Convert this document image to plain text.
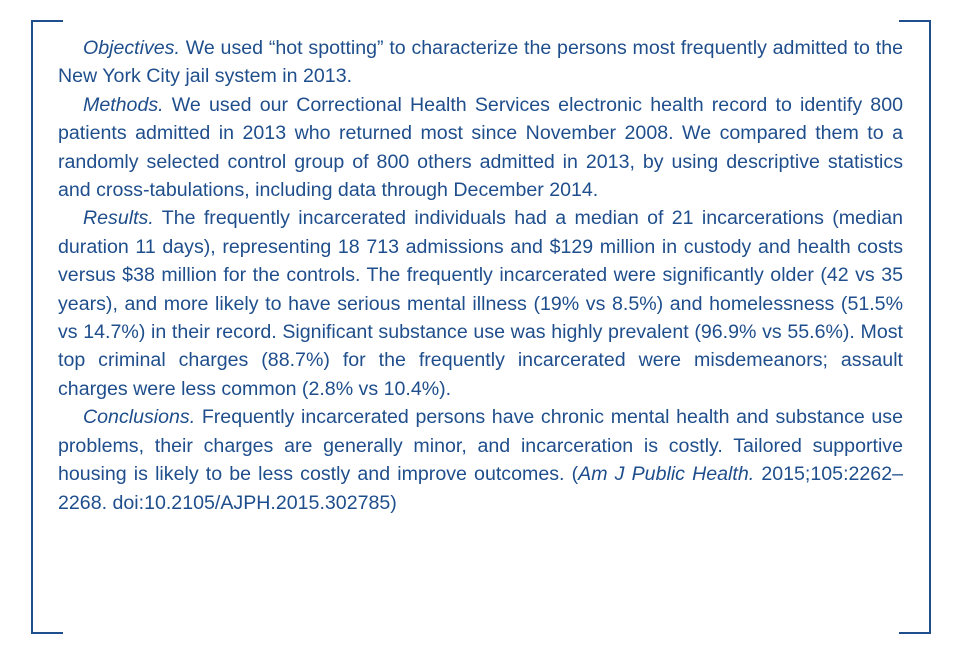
Objectives. We used “hot spotting” to characterize the persons most frequently admitted to the New York City jail system in 2013.

Methods. We used our Correctional Health Services electronic health record to identify 800 patients admitted in 2013 who returned most since November 2008. We compared them to a randomly selected control group of 800 others admitted in 2013, by using descriptive statistics and cross-tabulations, including data through December 2014.

Results. The frequently incarcerated individuals had a median of 21 incarcerations (median duration 11 days), representing 18 713 admissions and $129 million in custody and health costs versus $38 million for the controls. The frequently incarcerated were significantly older (42 vs 35 years), and more likely to have serious mental illness (19% vs 8.5%) and homelessness (51.5% vs 14.7%) in their record. Significant substance use was highly prevalent (96.9% vs 55.6%). Most top criminal charges (88.7%) for the frequently incarcerated were misdemeanors; assault charges were less common (2.8% vs 10.4%).

Conclusions. Frequently incarcerated persons have chronic mental health and substance use problems, their charges are generally minor, and incarceration is costly. Tailored supportive housing is likely to be less costly and improve outcomes. (Am J Public Health. 2015;105:2262–2268. doi:10.2105/AJPH.2015.302785)
